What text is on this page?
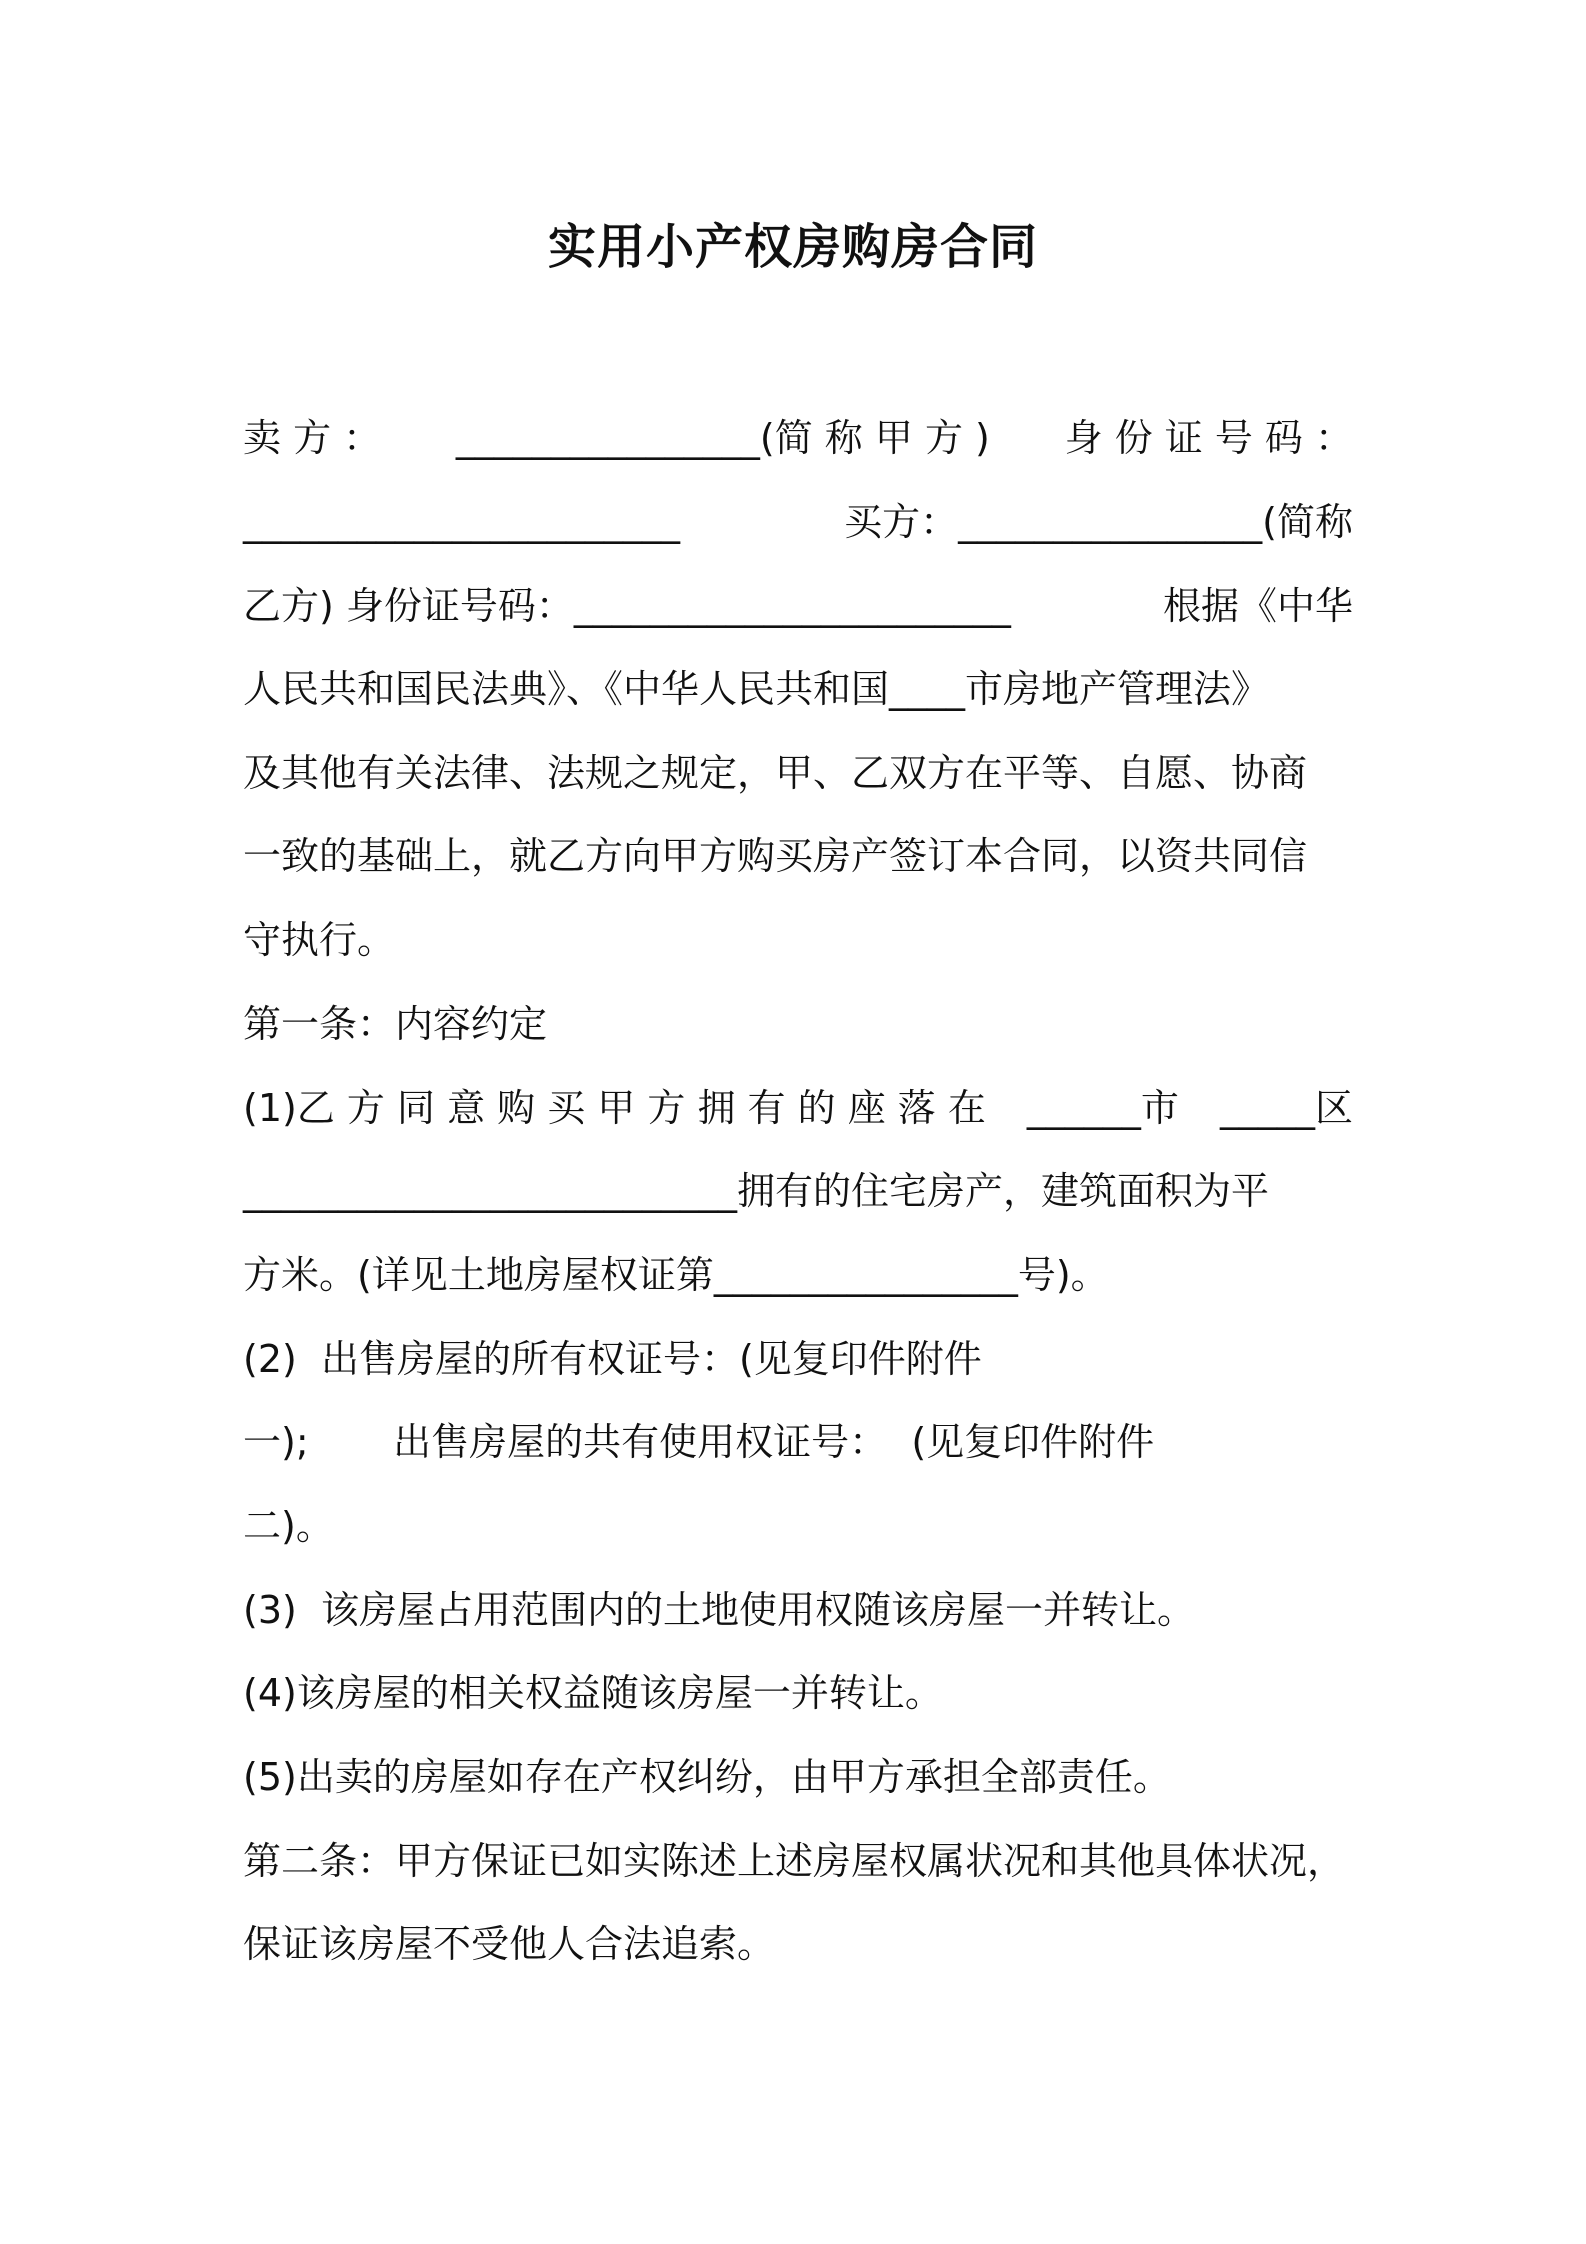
实用小产权房购房合同
卖 方 ： ________________(简 称 甲 方 ) 身 份 证 号 码 ：
_______________________	买方：________________(简称
乙方) 身份证号码：_______________________	根据《中华
人民共和国民法典》、《中华人民共和国____市房地产管理法》
及其他有关法律、法规之规定，甲、乙双方在平等、自愿、协商
一致的基础上，就乙方向甲方购买房产签订本合同，以资共同信
守执行。
第一条：内容约定
(1)乙 方 同 意 购 买 甲 方 拥 有 的 座 落 在 ______市 _____区
__________________________拥有的住宅房产，建筑面积为平
方米。(详见土地房屋权证第________________号)。
(2)  出售房屋的所有权证号：(见复印件附件
一);       出售房屋的共有使用权证号：  (见复印件附件
二)。
(3)  该房屋占用范围内的土地使用权随该房屋一并转让。
(4)该房屋的相关权益随该房屋一并转让。
(5)出卖的房屋如存在产权纠纷，由甲方承担全部责任。
第二条：甲方保证已如实陈述上述房屋权属状况和其他具体状况，
保证该房屋不受他人合法追索。
